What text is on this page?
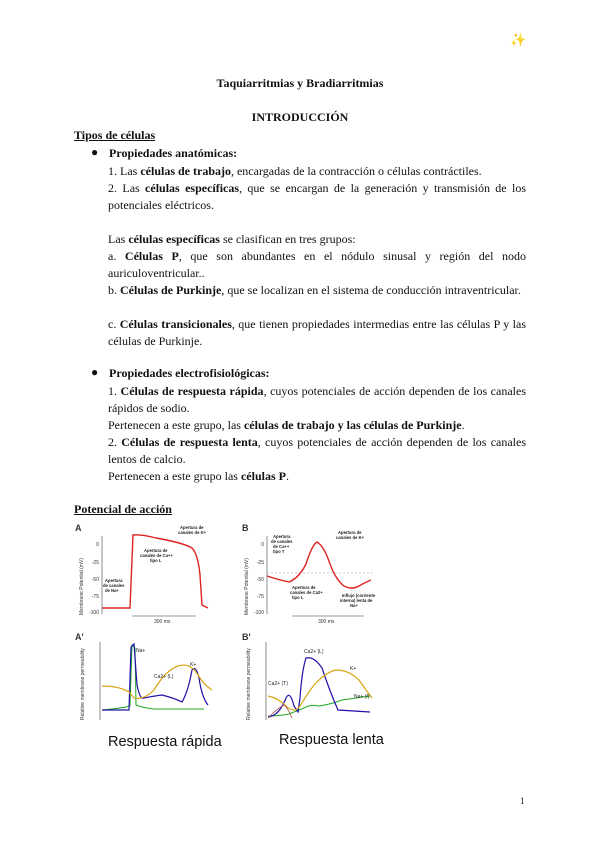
✨
Taquiarritmias y Bradiarritmias
INTRODUCCIÓN
Tipos de células
● Propiedades anatómicas:
1. Las células de trabajo, encargadas de la contracción o células contráctiles.
2. Las células específicas, que se encargan de la generación y transmisión de los potenciales eléctricos.
Las células específicas se clasifican en tres grupos:
a. Células P, que son abundantes en el nódulo sinusal y región del nodo auriculoventricular..
b. Células de Purkinje, que se localizan en el sistema de conducción intraventricular.
c. Células transicionales, que tienen propiedades intermedias entre las células P y las células de Purkinje.
● Propiedades electrofisiológicas:
1. Células de respuesta rápida, cuyos potenciales de acción dependen de los canales rápidos de sodio.
Pertenecen a este grupo, las células de trabajo y las células de Purkinje.
2. Células de respuesta lenta, cuyos potenciales de acción dependen de los canales lentos de calcio.
Pertenecen a este grupo las células P.
Potencial de acción
A
Membrane Potential (mV)
0
-25
-50
-75
-100
300 ms
Apertura de
canales de K+
Apertura de
canales de Ca++
tipo L
Apertura
de canales
de Na+
B
Membrane Potential (mV)
0
-25
-50
-75
-100
300 ms
Apertura
de canales
de Ca++
tipo T
Apertura de
canales de K+
Apertura de
canales de Ca2+
tipo L	Influjo (corriente
interna) lenta de
Na+
A'
Relative membrane permeability	Na+
Ca2+ (L)
K+
B'
Relative membrane permeability	Ca2+ (L)
K+
Ca2+ (T)
Na+ (f)
Respuesta rápida	Respuesta lenta
1
